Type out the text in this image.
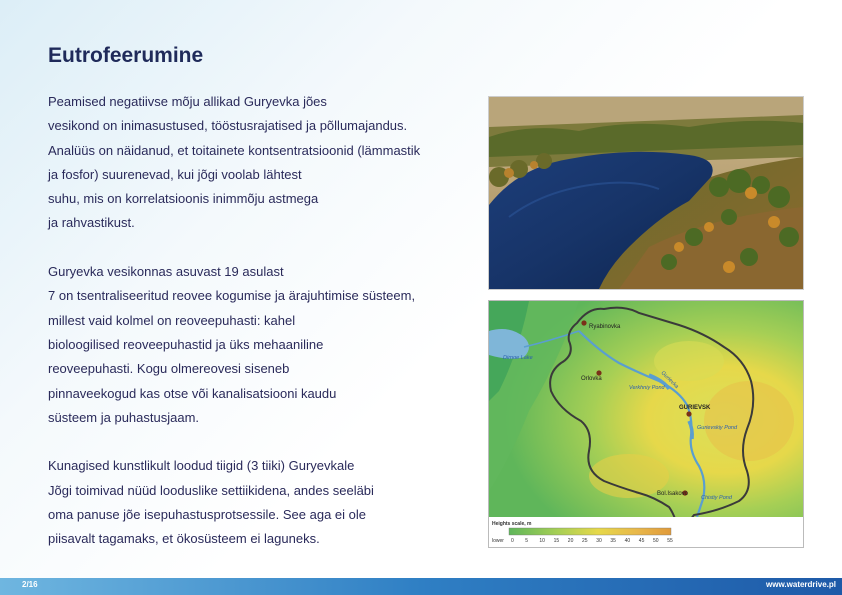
Eutrofeerumine
Peamised negatiivse mõju allikad Guryevka jões
vesikond on inimasustused, tööstusrajatised ja põllumajandus.
Analüüs on näidanud, et toitainete kontsentratsioonid (lämmastik
ja fosfor) suurenevad, kui jõgi voolab lähtest
suhu, mis on korrelatsioonis inimmõju astmega
ja rahvastikust.
Guryevka vesikonnas asuvast 19 asulast
7 on tsentraliseeritud reovee kogumise ja ärajuhtimise süsteem,
millest vaid kolmel on reoveepuhasti: kahel
bioloogilised reoveepuhastid ja üks mehaaniline
reoveepuhasti. Kogu olmereovesi siseneb
pinnaveekogud kas otse või kanalisatsiooni kaudu
süsteem ja puhastusjaam.
Kunagised kunstlikult loodud tiigid (3 tiiki) Guryevkale
Jõgi toimivad nüüd looduslike settiikidena, andes seeläbi
oma panuse jõe isepuhastusprotsessile. See aga ei ole
piisavalt tagamaks, et ökosüsteem ei laguneks.
Ryabinovka
Orlovka
GURIEVSK
Bol.Isakovo
Dirnoe Lake
Verkhniy Pond
Gurievskiy Pond
Chistiy Pond
Gurievka
Heights scale, m
lower 0 5 10 15 20 25 30 35 40 45 50 55
2/16	www.waterdrive.pl
